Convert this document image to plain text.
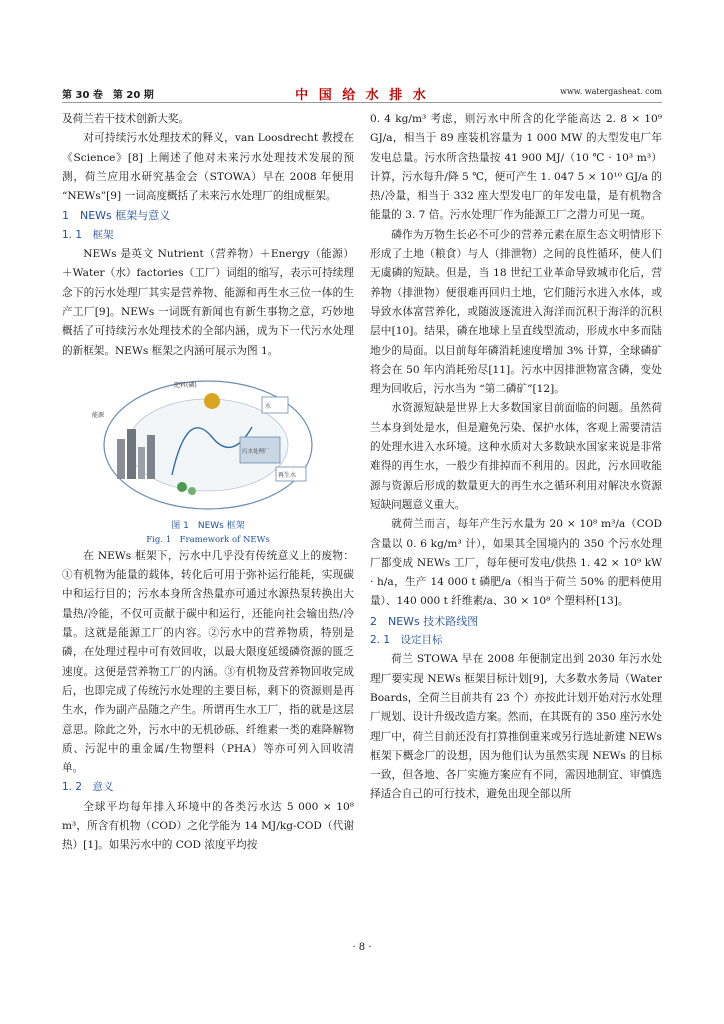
第 30 卷　第 20 期	中 国 给 水 排 水	www. watergasheat. com

及荷兰若干技术创新大奖。

对可持续污水处理技术的释义，van Loosdrecht 教授在《Science》[8] 上阐述了他对未来污水处理技术发展的预测，荷兰应用水研究基金会（STOWA）早在 2008 年便用 “NEWs”[9] 一词高度概括了未来污水处理厂的组成框架。

1　NEWs 框架与意义
1. 1　框架

NEWs 是英文 Nutrient（营养物）＋Energy（能源）＋Water（水）factories（工厂）词组的缩写，表示可持续理念下的污水处理厂其实是营养物、能源和再生水三位一体的生产工厂[9]。NEWs 一词既有新闻也有新生事物之意，巧妙地概括了可持续污水处理技术的全部内涵，成为下一代污水处理的新框架。NEWs 框架之内涵可展示为图 1。

肥料(磷)
水
能源
再生水
污水处理厂
图 1　NEWs 框架
Fig. 1　Framework of NEWs

在 NEWs 框架下，污水中几乎没有传统意义上的废物：①有机物为能量的载体，转化后可用于弥补运行能耗，实现碳中和运行目的；污水本身所含热量亦可通过水源热泵转换出大量热/冷能，不仅可贡献于碳中和运行，还能向社会输出热/冷量。这就是能源工厂的内容。②污水中的营养物质，特别是磷，在处理过程中可有效回收，以最大限度延缓磷资源的匮乏速度。这便是营养物工厂的内涵。③有机物及营养物回收完成后，也即完成了传统污水处理的主要目标，剩下的资源则是再生水，作为副产品随之产生。所谓再生水工厂，指的就是这层意思。除此之外，污水中的无机砂砾、纤维素一类的难降解物质、污泥中的重金属/生物塑料（PHA）等亦可列入回收清单。

1. 2　意义

全球平均每年排入环境中的各类污水达 5 000 × 10⁸ m³，所含有机物（COD）之化学能为 14 MJ/kg-COD（代谢热）[1]。如果污水中的 COD 浓度平均按

0. 4 kg/m³ 考虑，则污水中所含的化学能高达 2. 8 × 10⁹ GJ/a，相当于 89 座装机容量为 1 000 MW 的大型发电厂年发电总量。污水所含热量按 41 900 MJ/（10 ℃ · 10³ m³）计算，污水每升/降 5 ℃，便可产生 1. 047 5 × 10¹⁰ GJ/a 的热/冷量，相当于 332 座大型发电厂的年发电量，是有机物含能量的 3. 7 倍。污水处理厂作为能源工厂之潜力可见一斑。

磷作为万物生长必不可少的营养元素在原生态文明情形下形成了土地（粮食）与人（排泄物）之间的良性循环，使人们无虞磷的短缺。但是，当 18 世纪工业革命导致城市化后，营养物（排泄物）便很难再回归土地，它们随污水进入水体，或导致水体富营养化，或随波逐流进入海洋而沉积于海洋的沉积层中[10]。结果，磷在地球上呈直线型流动，形成水中多而陆地少的局面。以目前每年磷消耗速度增加 3% 计算，全球磷矿将会在 50 年内消耗殆尽[11]。污水中因排泄物富含磷，变处理为回收后，污水当为 “第二磷矿”[12]。

水资源短缺是世界上大多数国家目前面临的问题。虽然荷兰本身到处是水，但是避免污染、保护水体，客观上需要清洁的处理水进入水环境。这种水质对大多数缺水国家来说是非常难得的再生水，一般少有排掉而不利用的。因此，污水回收能源与资源后形成的数量更大的再生水之循环利用对解决水资源短缺问题意义重大。

就荷兰而言，每年产生污水量为 20 × 10⁸ m³/a（COD 含量以 0. 6 kg/m³ 计），如果其全国境内的 350 个污水处理厂都变成 NEWs 工厂，每年便可发电/供热 1. 42 × 10⁹ kW · h/a，生产 14 000 t 磷肥/a（相当于荷兰 50% 的肥料使用量）、140 000 t 纤维素/a、30 × 10⁸ 个塑料杯[13]。

2　NEWs 技术路线图
2. 1　设定目标

荷兰 STOWA 早在 2008 年便制定出到 2030 年污水处理厂要实现 NEWs 框架目标计划[9]，大多数水务局（Water Boards，全荷兰目前共有 23 个）亦按此计划开始对污水处理厂规划、设计升级改造方案。然而，在其既有的 350 座污水处理厂中，荷兰目前还没有打算推倒重来或另行选址新建 NEWs 框架下概念厂的设想，因为他们认为虽然实现 NEWs 的目标一致，但各地、各厂实施方案应有不同，需因地制宜、审慎选择适合自己的可行技术，避免出现全部以所

· 8 ·
